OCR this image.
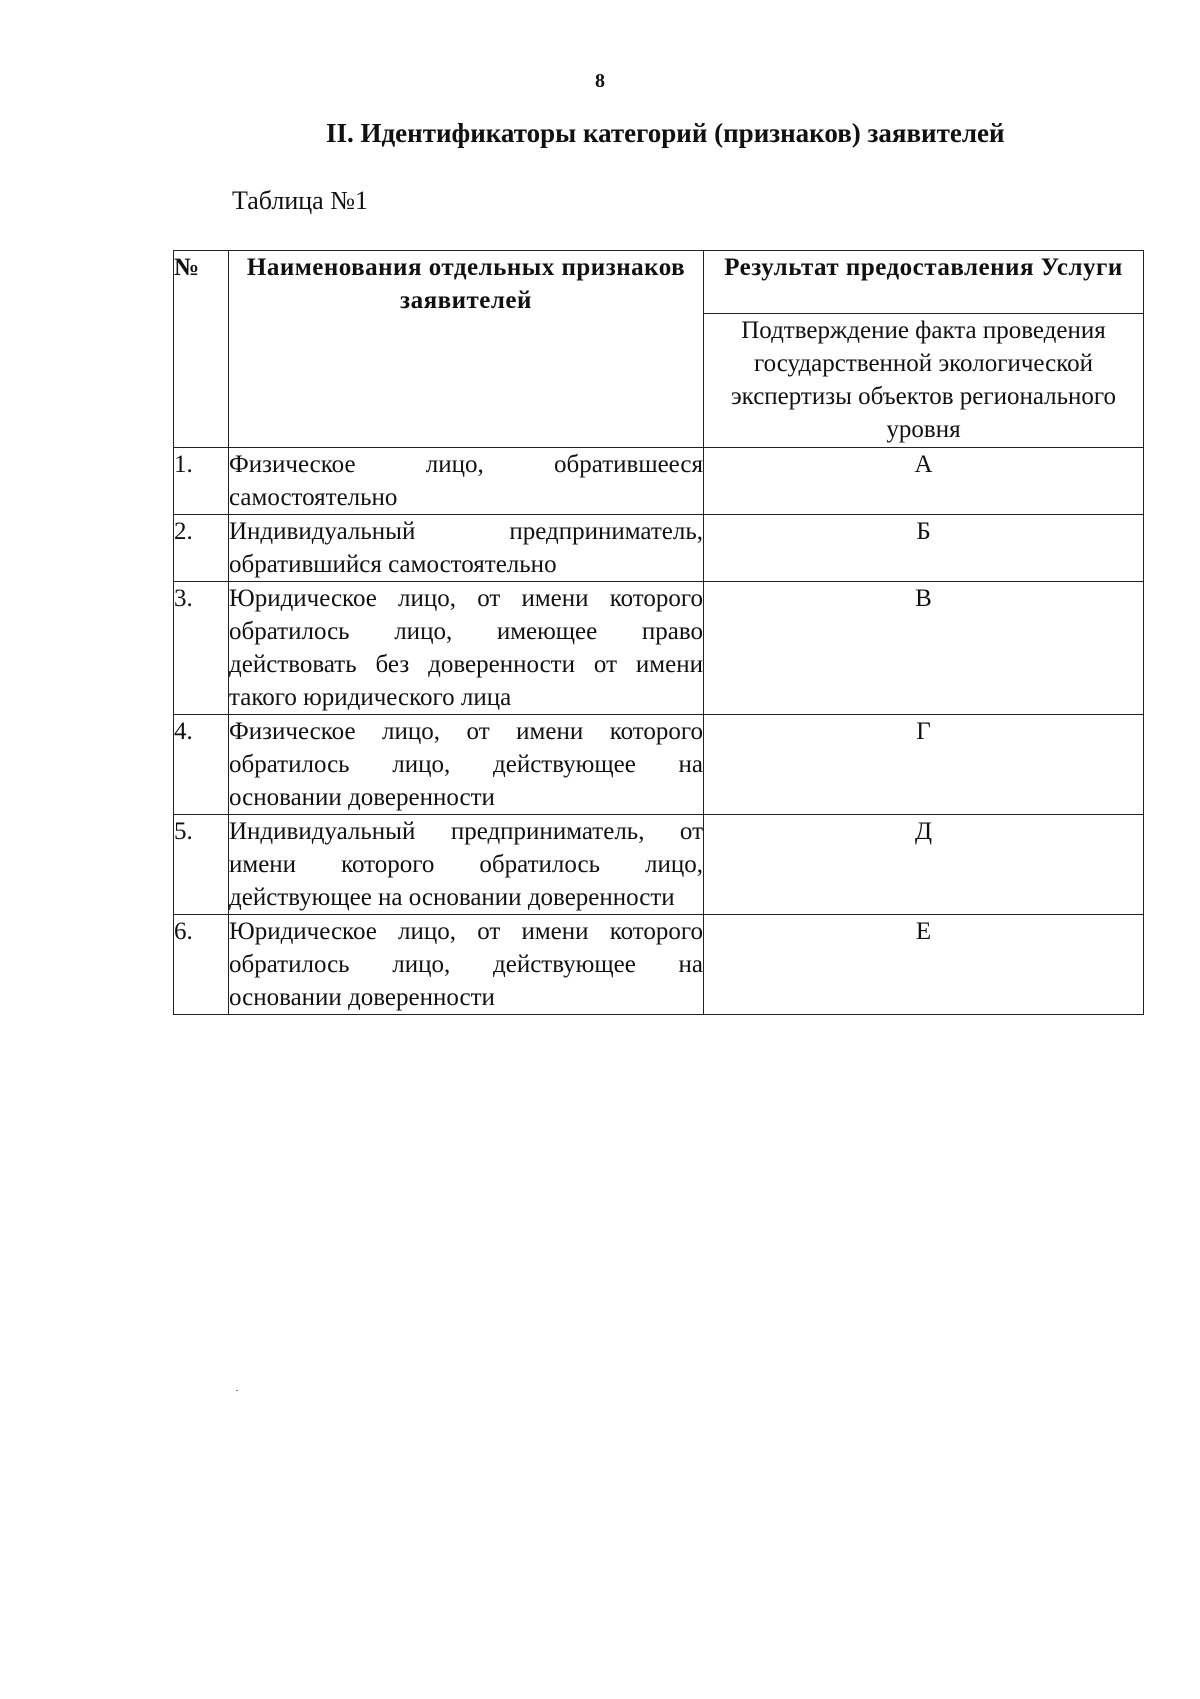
8
II. Идентификаторы категорий (признаков) заявителей
Таблица №1
№	Наименования отдельных признаков заявителей	Результат предоставления Услуги
		Подтверждение факта проведения государственной экологической экспертизы объектов регионального уровня
1.	Физическое лицо, обратившееся самостоятельно	А
2.	Индивидуальный предприниматель, обратившийся самостоятельно	Б
3.	Юридическое лицо, от имени которого обратилось лицо, имеющее право действовать без доверенности от имени такого юридического лица	В
4.	Физическое лицо, от имени которого обратилось лицо, действующее на основании доверенности	Г
5.	Индивидуальный предприниматель, от имени которого обратилось лицо, действующее на основании доверенности	Д
6.	Юридическое лицо, от имени которого обратилось лицо, действующее на основании доверенности	Е
